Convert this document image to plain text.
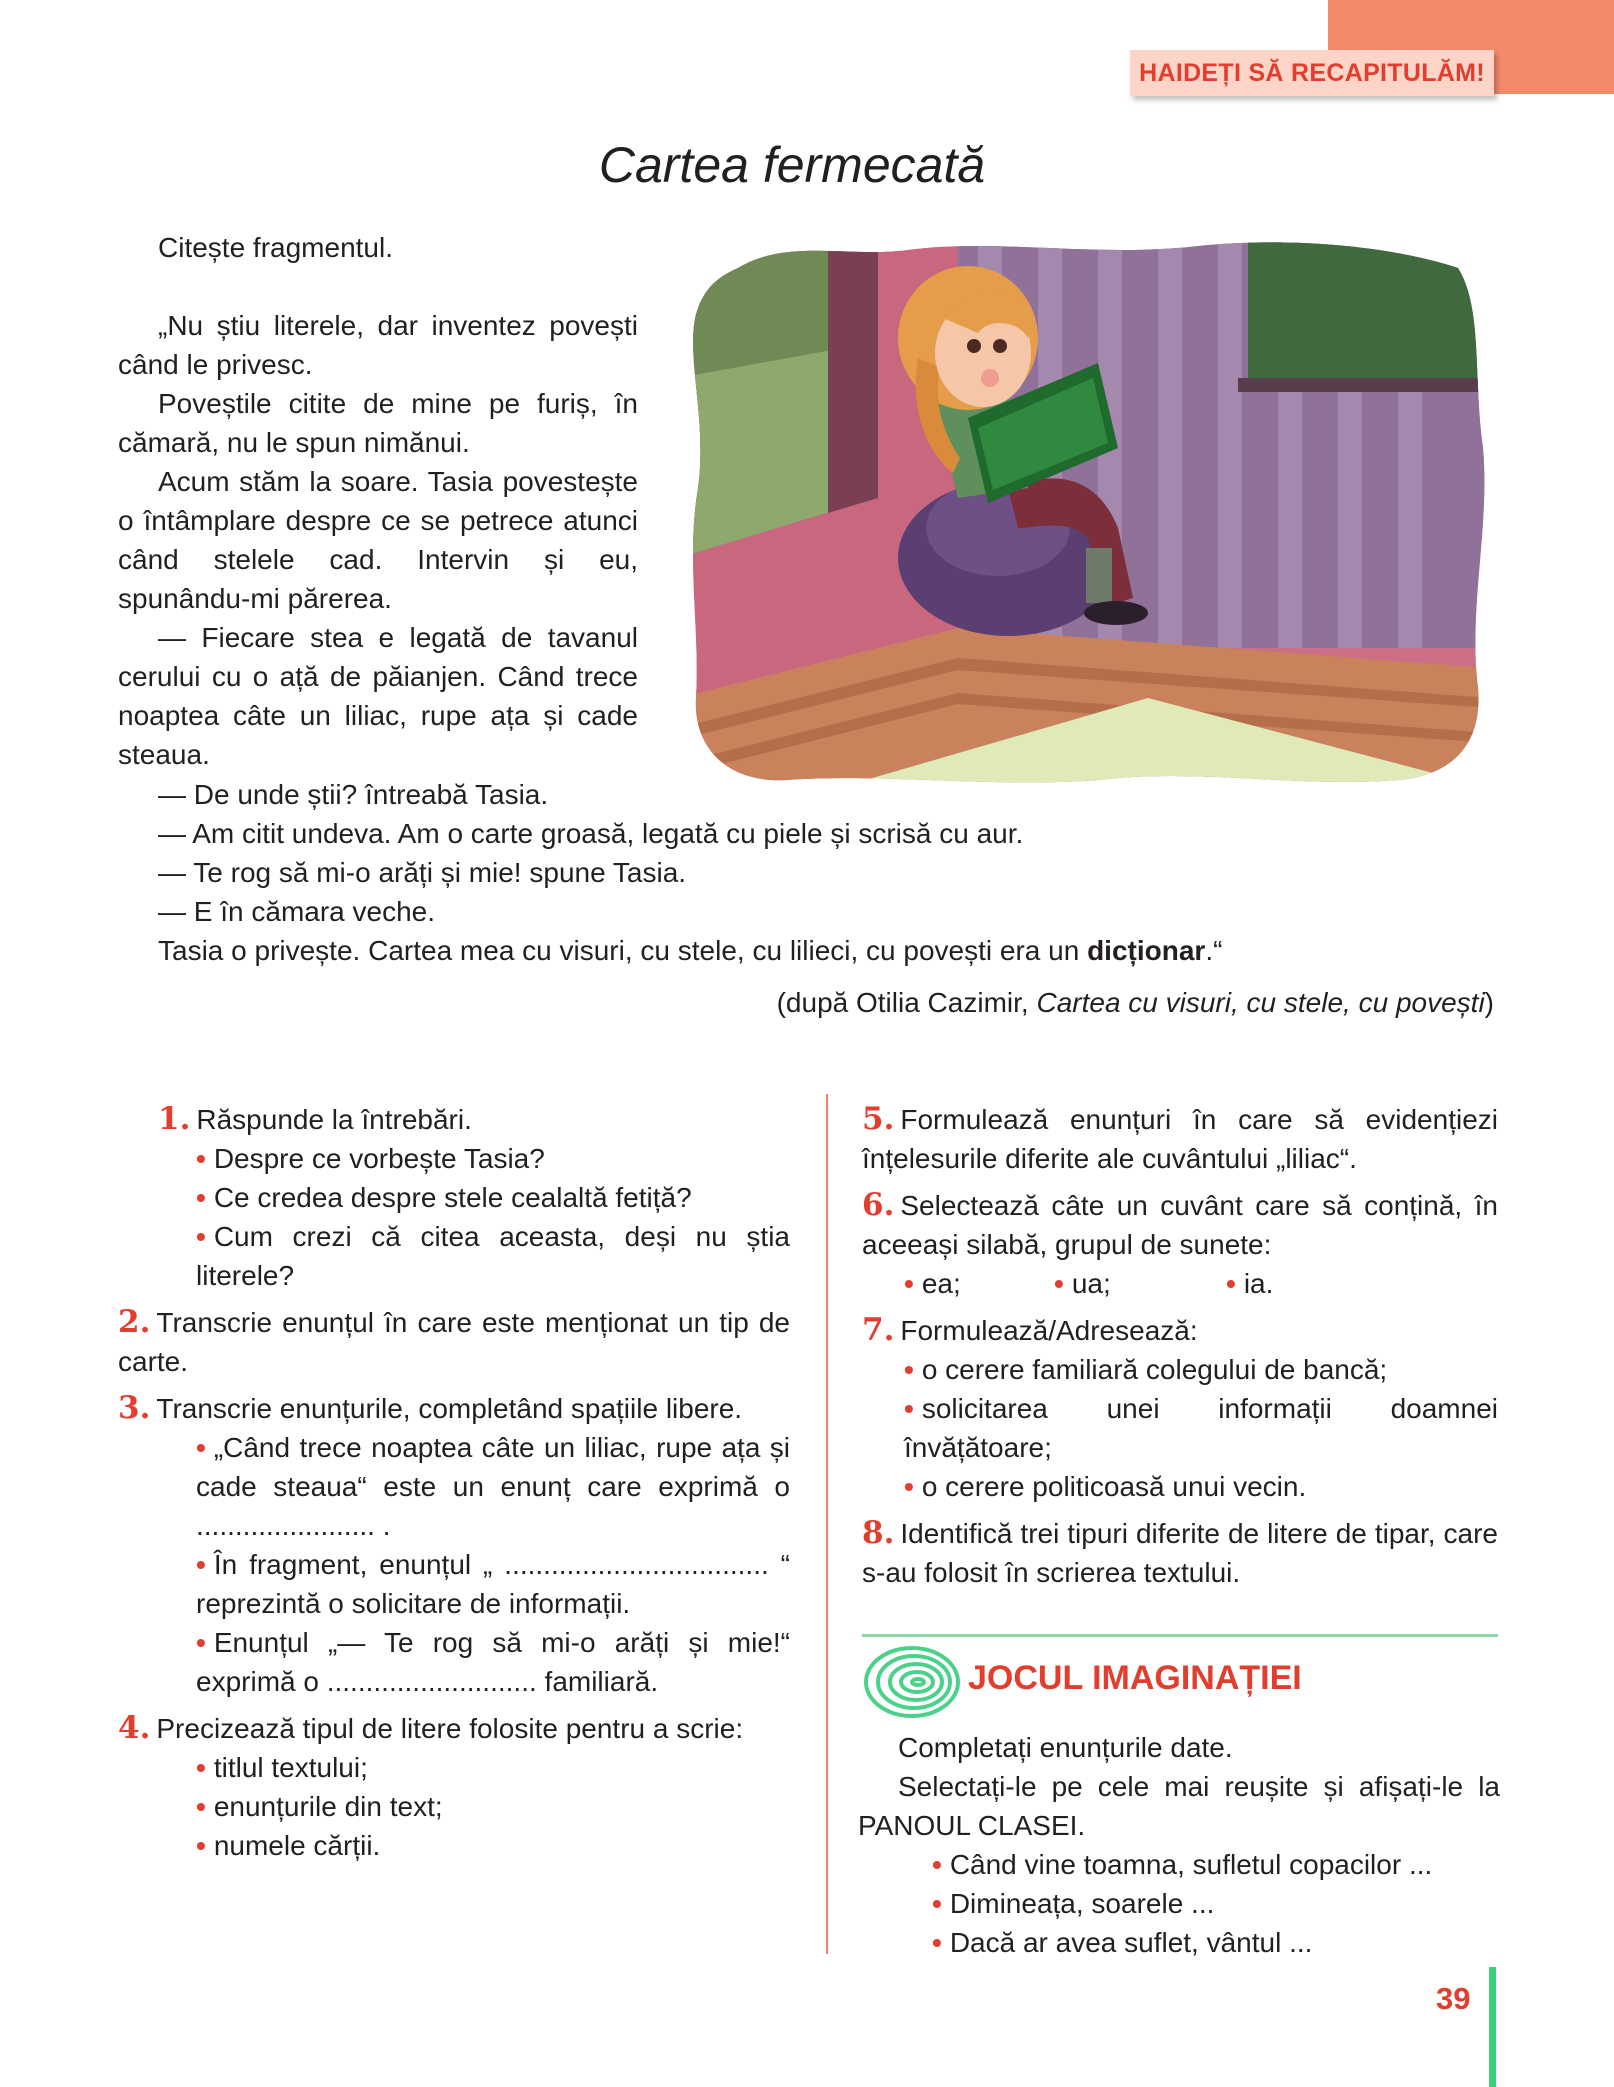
HAIDEȚI SĂ RECAPITULĂM!
Cartea fermecată
Citește fragmentul.

„Nu știu literele, dar inventez povești când le privesc.

Poveștile citite de mine pe furiș, în cămară, nu le spun nimănui.

Acum stăm la soare. Tasia povestește o întâmplare despre ce se petrece atunci când stelele cad. Intervin și eu, spunându-mi părerea.

— Fiecare stea e legată de tavanul cerului cu o ață de păianjen. Când trece noaptea câte un liliac, rupe ața și cade steaua.

— De unde știi? întreabă Tasia.

— Am citit undeva. Am o carte groasă, legată cu piele și scrisă cu aur.

— Te rog să mi-o arăți și mie! spune Tasia.

— E în cămara veche.

Tasia o privește. Cartea mea cu visuri, cu stele, cu lilieci, cu povești era un dicționar.“

(după Otilia Cazimir, Cartea cu visuri, cu stele, cu povești)

1. Răspunde la întrebări.

• Despre ce vorbește Tasia?

• Ce credea despre stele cealaltă fetiță?

• Cum crezi că citea aceasta, deși nu știa literele?

2. Transcrie enunțul în care este menționat un tip de carte.

3. Transcrie enunțurile, completând spațiile libere.

• „Când trece noaptea câte un liliac, rupe ața și cade steaua“ este un enunț care exprimă o ....................... .

• În fragment, enunțul „ .................................. “ reprezintă o solicitare de informații.

• Enunțul „— Te rog să mi-o arăți și mie!“ exprimă o ........................... familiară.

4. Precizează tipul de litere folosite pentru a scrie:

• titlul textului;

• enunțurile din text;

• numele cărții.

5. Formulează enunțuri în care să evidențiezi înțelesurile diferite ale cuvântului „liliac“.

6. Selectează câte un cuvânt care să conțină, în aceeași silabă, grupul de sunete:

• ea;	• ua;	• ia.

7. Formulează/Adresează:

• o cerere familiară colegului de bancă;

• solicitarea unei informații doamnei învățătoare;

• o cerere politicoasă unui vecin.

8. Identifică trei tipuri diferite de litere de tipar, care s-au folosit în scrierea textului.

JOCUL IMAGINAȚIEI

Completați enunțurile date.

Selectați-le pe cele mai reușite și afișați-le la PANOUL CLASEI.

• Când vine toamna, sufletul copacilor ...

• Dimineața, soarele ...

• Dacă ar avea suflet, vântul ...

39
